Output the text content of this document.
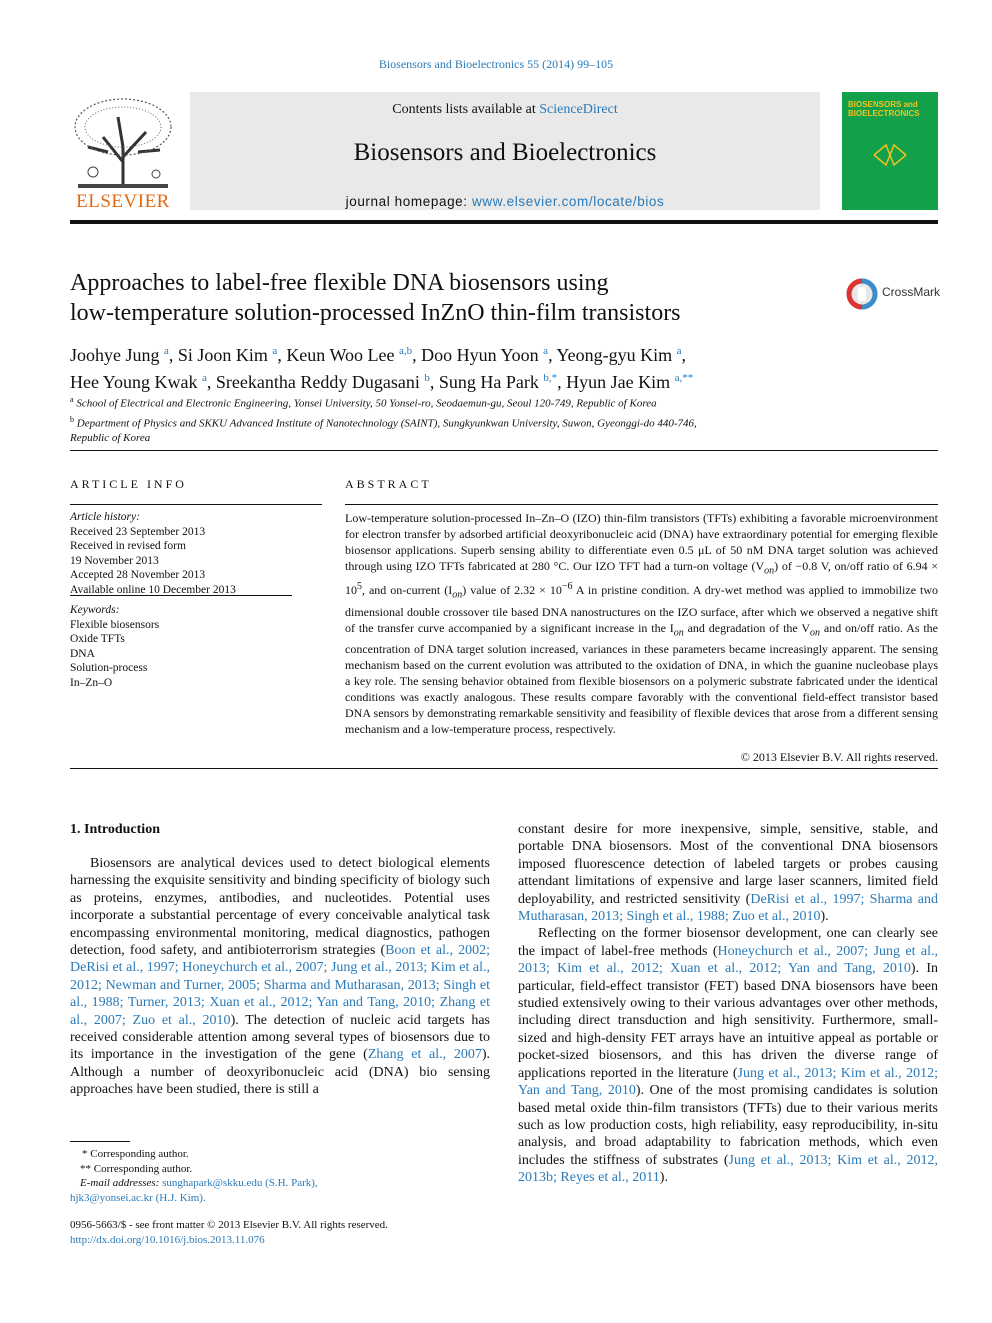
Biosensors and Bioelectronics 55 (2014) 99–105
ELSEVIER
Contents lists available at ScienceDirect
Biosensors and Bioelectronics
journal homepage: www.elsevier.com/locate/bios
BIOSENSORS and BIOELECTRONICS
Approaches to label-free flexible DNA biosensors using
low-temperature solution-processed InZnO thin-film transistors
CrossMark
Joohye Jung $^a$, Si Joon Kim $^a$, Keun Woo Lee $^{a,b}$, Doo Hyun Yoon $^a$, Yeong-gyu Kim $^a$,
Hee Young Kwak $^a$, Sreekantha Reddy Dugasani $^b$, Sung Ha Park $^{b,*}$, Hyun Jae Kim $^{a,**}$
$^a$ School of Electrical and Electronic Engineering, Yonsei University, 50 Yonsei-ro, Seodaemun-gu, Seoul 120-749, Republic of Korea
$^b$ Department of Physics and SKKU Advanced Institute of Nanotechnology (SAINT), Sungkyunkwan University, Suwon, Gyeonggi-do 440-746,
Republic of Korea
ARTICLE INFO
Article history:
Received 23 September 2013
Received in revised form
19 November 2013
Accepted 28 November 2013
Available online 10 December 2013
Keywords:
Flexible biosensors
Oxide TFTs
DNA
Solution-process
In–Zn–O
ABSTRACT
Low-temperature solution-processed In–Zn–O (IZO) thin-film transistors (TFTs) exhibiting a favorable microenvironment for electron transfer by adsorbed artificial deoxyribonucleic acid (DNA) have extraordinary potential for emerging flexible biosensor applications. Superb sensing ability to differentiate even 0.5 μL of 50 nM DNA target solution was achieved through using IZO TFTs fabricated at 280 °C. Our IZO TFT had a turn-on voltage $(V_{on})$ of −0.8 V, on/off ratio of $6.94 \times 10^5$, and on-current $(I_{on})$ value of $2.32 \times 10^{-6}$ A in pristine condition. A dry-wet method was applied to immobilize two dimensional double crossover tile based DNA nanostructures on the IZO surface, after which we observed a negative shift of the transfer curve accompanied by a significant increase in the $I_{on}$ and degradation of the $V_{on}$ and on/off ratio. As the concentration of DNA target solution increased, variances in these parameters became increasingly apparent. The sensing mechanism based on the current evolution was attributed to the oxidation of DNA, in which the guanine nucleobase plays a key role. The sensing behavior obtained from flexible biosensors on a polymeric substrate fabricated under the identical conditions was exactly analogous. These results compare favorably with the conventional field-effect transistor based DNA sensors by demonstrating remarkable sensitivity and feasibility of flexible devices that arose from a different sensing mechanism and a low-temperature process, respectively.
© 2013 Elsevier B.V. All rights reserved.
1. Introduction

Biosensors are analytical devices used to detect biological elements harnessing the exquisite sensitivity and binding specificity of biology such as proteins, enzymes, antibodies, and nucleotides. Potential uses incorporate a substantial percentage of every conceivable analytical task encompassing environmental monitoring, medical diagnostics, pathogen detection, food safety, and antibioterrorism strategies (Boon et al., 2002; DeRisi et al., 1997; Honeychurch et al., 2007; Jung et al., 2013; Kim et al., 2012; Newman and Turner, 2005; Sharma and Mutharasan, 2013; Singh et al., 1988; Turner, 2013; Xuan et al., 2012; Yan and Tang, 2010; Zhang et al., 2007; Zuo et al., 2010). The detection of nucleic acid targets has received considerable attention among several types of biosensors due to its importance in the investigation of the gene (Zhang et al., 2007). Although a number of deoxyribonucleic acid (DNA) bio sensing approaches have been studied, there is still a

constant desire for more inexpensive, simple, sensitive, stable, and portable DNA biosensors. Most of the conventional DNA biosensors imposed fluorescence detection of labeled targets or probes causing attendant limitations of expensive and large laser scanners, limited field deployability, and restricted sensitivity (DeRisi et al., 1997; Sharma and Mutharasan, 2013; Singh et al., 1988; Zuo et al., 2010).

Reflecting on the former biosensor development, one can clearly see the impact of label-free methods (Honeychurch et al., 2007; Jung et al., 2013; Kim et al., 2012; Xuan et al., 2012; Yan and Tang, 2010). In particular, field-effect transistor (FET) based DNA biosensors have been studied extensively owing to their various advantages over other methods, including direct transduction and high sensitivity. Furthermore, small-sized and high-density FET arrays have an intuitive appeal as portable or pocket-sized biosensors, and this has driven the diverse range of applications reported in the literature (Jung et al., 2013; Kim et al., 2012; Yan and Tang, 2010). One of the most promising candidates is solution based metal oxide thin-film transistors (TFTs) due to their various merits such as low production costs, high reliability, easy reproducibility, in-situ analysis, and broad adaptability to fabrication methods, which even includes the stiffness of substrates (Jung et al., 2013; Kim et al., 2012, 2013b; Reyes et al., 2011).

* Corresponding author.
** Corresponding author.
E-mail addresses: sunghapark@skku.edu (S.H. Park),
hjk3@yonsei.ac.kr (H.J. Kim).
0956-5663/$ - see front matter © 2013 Elsevier B.V. All rights reserved.
http://dx.doi.org/10.1016/j.bios.2013.11.076
